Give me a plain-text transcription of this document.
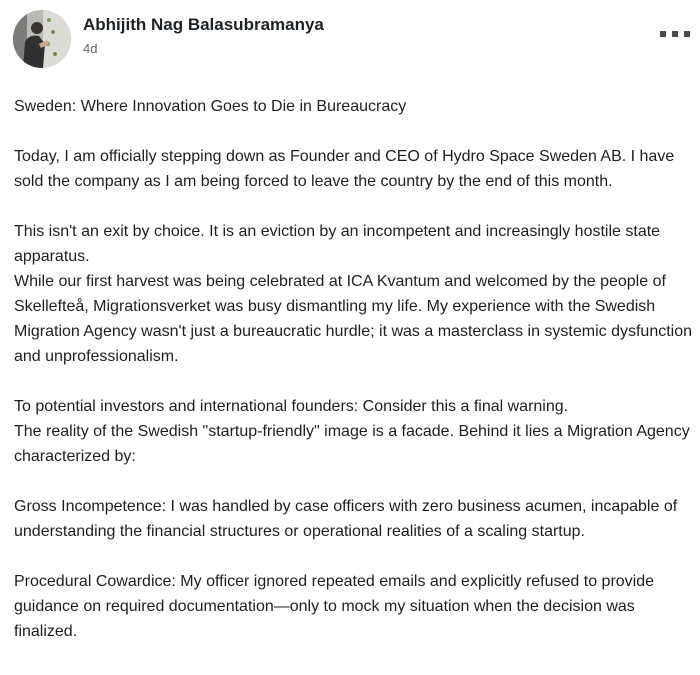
Abhijith Nag Balasubramanya
4d

Sweden: Where Innovation Goes to Die in Bureaucracy

Today, I am officially stepping down as Founder and CEO of Hydro Space Sweden AB. I have sold the company as I am being forced to leave the country by the end of this month.

This isn't an exit by choice. It is an eviction by an incompetent and increasingly hostile state apparatus.

While our first harvest was being celebrated at ICA Kvantum and welcomed by the people of Skellefteå, Migrationsverket was busy dismantling my life. My experience with the Swedish Migration Agency wasn't just a bureaucratic hurdle; it was a masterclass in systemic dysfunction and unprofessionalism.

To potential investors and international founders: Consider this a final warning.

The reality of the Swedish "startup-friendly" image is a facade. Behind it lies a Migration Agency characterized by:

Gross Incompetence: I was handled by case officers with zero business acumen, incapable of understanding the financial structures or operational realities of a scaling startup.

Procedural Cowardice: My officer ignored repeated emails and explicitly refused to provide guidance on required documentation—only to mock my situation when the decision was finalized.
